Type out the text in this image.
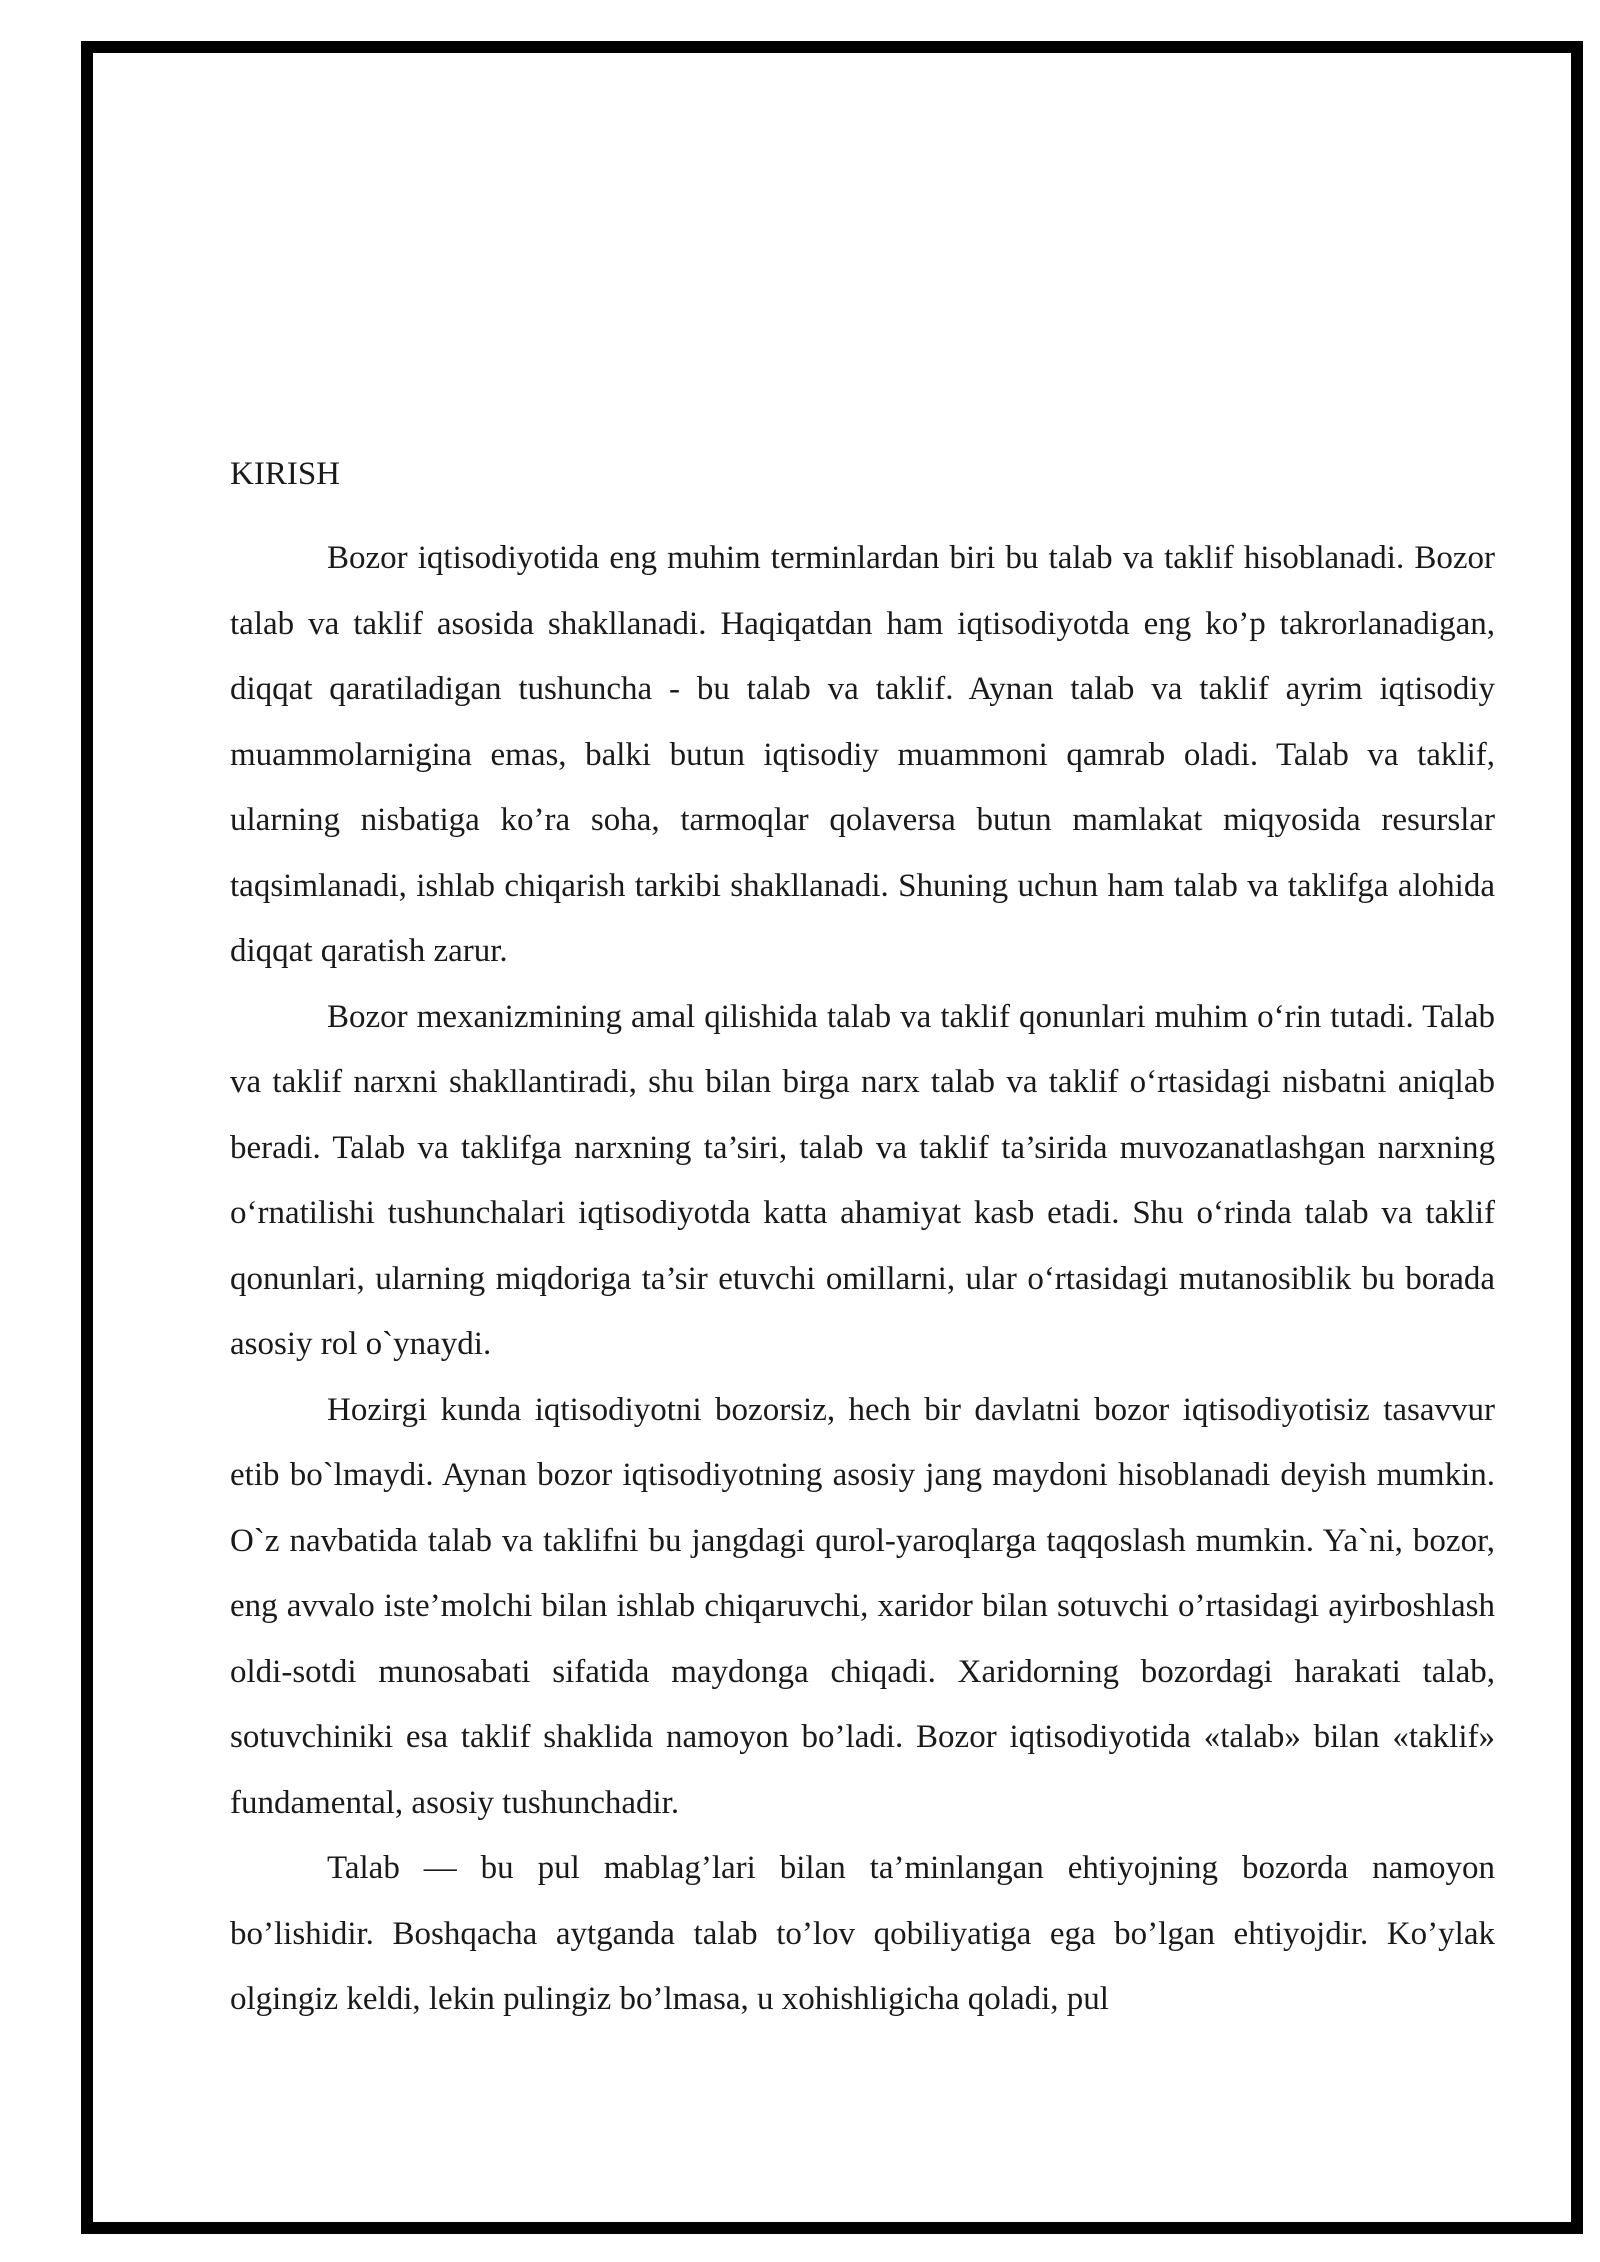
KIRISH

Bozor iqtisodiyotida eng muhim terminlardan biri bu talab va taklif hisoblanadi. Bozor talab va taklif asosida shakllanadi. Haqiqatdan ham iqtisodiyotda eng ko’p takrorlanadigan, diqqat qaratiladigan tushuncha - bu talab va taklif. Aynan talab va taklif ayrim iqtisodiy muammolarnigina emas, balki butun iqtisodiy muammoni qamrab oladi. Talab va taklif, ularning nisbatiga ko’ra soha, tarmoqlar qolaversa butun mamlakat miqyosida resurslar taqsimlanadi, ishlab chiqarish tarkibi shakllanadi. Shuning uchun ham talab va taklifga alohida diqqat qaratish zarur.

Bozor mexanizmining amal qilishida talab va taklif qonunlari muhim o‘rin tutadi. Talab va taklif narxni shakllantiradi, shu bilan birga narx talab va taklif o‘rtasidagi nisbatni aniqlab beradi. Talab va taklifga narxning ta’siri, talab va taklif ta’sirida muvozanatlashgan narxning o‘rnatilishi tushunchalari iqtisodiyotda katta ahamiyat kasb etadi. Shu o‘rinda talab va taklif qonunlari, ularning miqdoriga ta’sir etuvchi omillarni, ular o‘rtasidagi mutanosiblik bu borada asosiy rol o`ynaydi.

Hozirgi kunda iqtisodiyotni bozorsiz, hech bir davlatni bozor iqtisodiyotisiz tasavvur etib bo`lmaydi. Aynan bozor iqtisodiyotning asosiy jang maydoni hisoblanadi deyish mumkin. O`z navbatida talab va taklifni bu jangdagi qurol-yaroqlarga taqqoslash mumkin. Ya`ni, bozor, eng avvalo iste’molchi bilan ishlab chiqaruvchi, xaridor bilan sotuvchi o’rtasidagi ayirboshlash oldi-sotdi munosabati sifatida maydonga chiqadi. Xaridorning bozordagi harakati talab, sotuvchiniki esa taklif shaklida namoyon bo’ladi. Bozor iqtisodiyotida «talab» bilan «taklif» fundamental, asosiy tushunchadir.

Talab — bu pul mablag’lari bilan ta’minlangan ehtiyojning bozorda namoyon bo’lishidir. Boshqacha aytganda talab to’lov qobiliyatiga ega bo’lgan ehtiyojdir. Ko’ylak olgingiz keldi, lekin pulingiz bo’lmasa, u xohishligicha qoladi, pul
